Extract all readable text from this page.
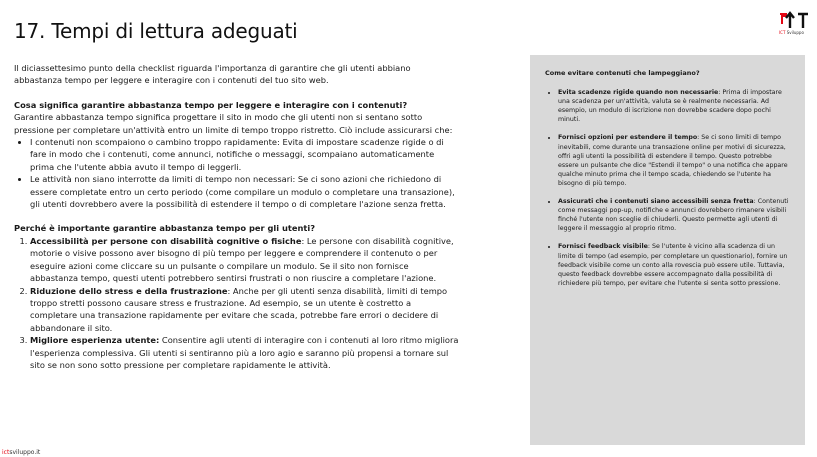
17. Tempi di lettura adeguati	ICT Sviluppo

Il diciassettesimo punto della checklist riguarda l'importanza di garantire che gli utenti abbiano abbastanza tempo per leggere e interagire con i contenuti del tuo sito web.

Cosa significa garantire abbastanza tempo per leggere e interagire con i contenuti?

Garantire abbastanza tempo significa progettare il sito in modo che gli utenti non si sentano sotto pressione per completare un'attività entro un limite di tempo troppo ristretto. Ciò include assicurarsi che:

• I contenuti non scompaiono o cambino troppo rapidamente: Evita di impostare scadenze rigide o di fare in modo che i contenuti, come annunci, notifiche o messaggi, scompaiano automaticamente prima che l'utente abbia avuto il tempo di leggerli.
• Le attività non siano interrotte da limiti di tempo non necessari: Se ci sono azioni che richiedono di essere completate entro un certo periodo (come compilare un modulo o completare una transazione), gli utenti dovrebbero avere la possibilità di estendere il tempo o di completare l'azione senza fretta.
Perché è importante garantire abbastanza tempo per gli utenti?
1. Accessibilità per persone con disabilità cognitive o fisiche: Le persone con disabilità cognitive, motorie o visive possono aver bisogno di più tempo per leggere e comprendere il contenuto o per eseguire azioni come cliccare su un pulsante o compilare un modulo. Se il sito non fornisce abbastanza tempo, questi utenti potrebbero sentirsi frustrati o non riuscire a completare l'azione.
2. Riduzione dello stress e della frustrazione: Anche per gli utenti senza disabilità, limiti di tempo troppo stretti possono causare stress e frustrazione. Ad esempio, se un utente è costretto a completare una transazione rapidamente per evitare che scada, potrebbe fare errori o decidere di abbandonare il sito.
3. Migliore esperienza utente: Consentire agli utenti di interagire con i contenuti al loro ritmo migliora l'esperienza complessiva. Gli utenti si sentiranno più a loro agio e saranno più propensi a tornare sul sito se non sono sotto pressione per completare rapidamente le attività.
Come evitare contenuti che lampeggiano?
• Evita scadenze rigide quando non necessarie: Prima di impostare una scadenza per un'attività, valuta se è realmente necessaria. Ad esempio, un modulo di iscrizione non dovrebbe scadere dopo pochi minuti.
• Fornisci opzioni per estendere il tempo: Se ci sono limiti di tempo inevitabili, come durante una transazione online per motivi di sicurezza, offri agli utenti la possibilità di estendere il tempo. Questo potrebbe essere un pulsante che dice "Estendi il tempo" o una notifica che appare qualche minuto prima che il tempo scada, chiedendo se l'utente ha bisogno di più tempo.
• Assicurati che i contenuti siano accessibili senza fretta: Contenuti come messaggi pop-up, notifiche e annunci dovrebbero rimanere visibili finché l'utente non sceglie di chiuderli. Questo permette agli utenti di leggere il messaggio al proprio ritmo.
• Fornisci feedback visibile: Se l'utente è vicino alla scadenza di un limite di tempo (ad esempio, per completare un questionario), fornire un feedback visibile come un conto alla rovescia può essere utile. Tuttavia, questo feedback dovrebbe essere accompagnato dalla possibilità di richiedere più tempo, per evitare che l'utente si senta sotto pressione.
ictsviluppo.it
